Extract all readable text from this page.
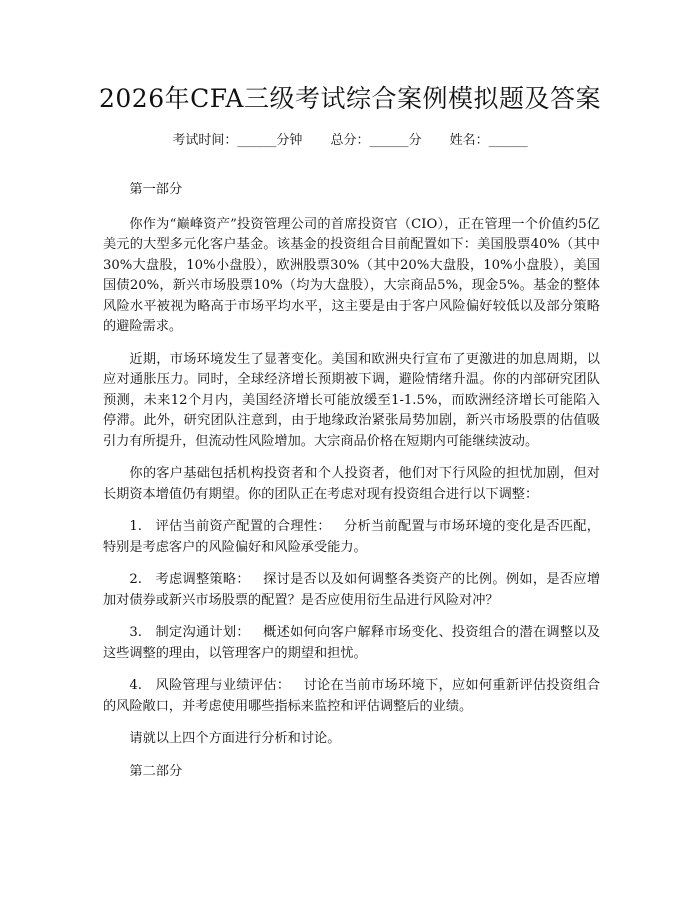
2026年CFA三级考试综合案例模拟题及答案
考试时间：______分钟 总分：______分 姓名：______

第一部分

你作为“巅峰资产”投资管理公司的首席投资官（CIO），正在管理一个价值约5亿美元的大型多元化客户基金。该基金的投资组合目前配置如下：美国股票40%（其中30%大盘股，10%小盘股），欧洲股票30%（其中20%大盘股，10%小盘股），美国国债20%，新兴市场股票10%（均为大盘股），大宗商品5%，现金5%。基金的整体风险水平被视为略高于市场平均水平，这主要是由于客户风险偏好较低以及部分策略的避险需求。

近期，市场环境发生了显著变化。美国和欧洲央行宣布了更激进的加息周期，以应对通胀压力。同时，全球经济增长预期被下调，避险情绪升温。你的内部研究团队预测，未来12个月内，美国经济增长可能放缓至1-1.5%，而欧洲经济增长可能陷入停滞。此外，研究团队注意到，由于地缘政治紧张局势加剧，新兴市场股票的估值吸引力有所提升，但流动性风险增加。大宗商品价格在短期内可能继续波动。

你的客户基础包括机构投资者和个人投资者，他们对下行风险的担忧加剧，但对长期资本增值仍有期望。你的团队正在考虑对现有投资组合进行以下调整：

1. 评估当前资产配置的合理性： 分析当前配置与市场环境的变化是否匹配，特别是考虑客户的风险偏好和风险承受能力。

2. 考虑调整策略： 探讨是否以及如何调整各类资产的比例。例如，是否应增加对债券或新兴市场股票的配置？是否应使用衍生品进行风险对冲？

3. 制定沟通计划： 概述如何向客户解释市场变化、投资组合的潜在调整以及这些调整的理由，以管理客户的期望和担忧。

4. 风险管理与业绩评估： 讨论在当前市场环境下，应如何重新评估投资组合的风险敞口，并考虑使用哪些指标来监控和评估调整后的业绩。

请就以上四个方面进行分析和讨论。

第二部分
